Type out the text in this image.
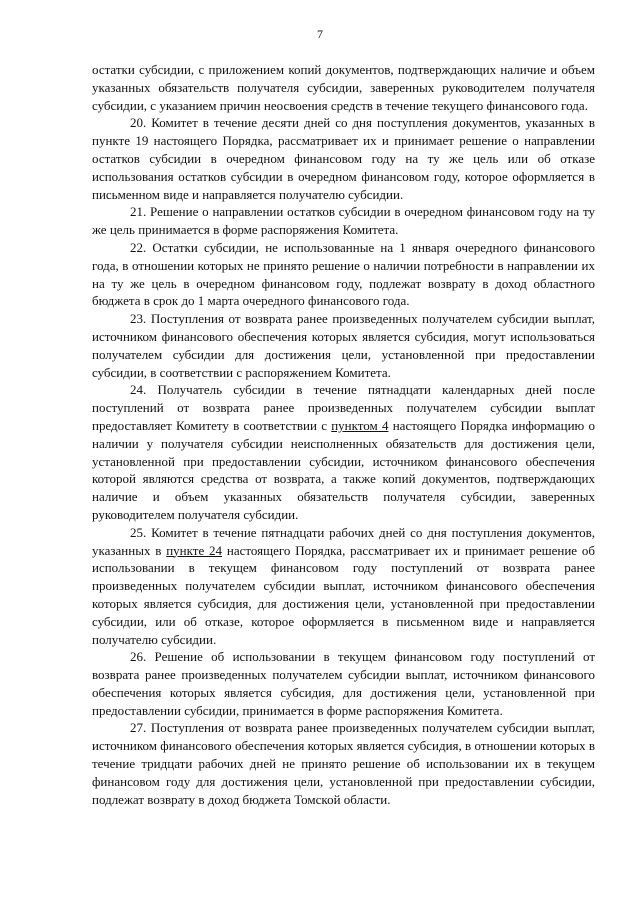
7

остатки субсидии, с приложением копий документов, подтверждающих наличие и объем указанных обязательств получателя субсидии, заверенных руководителем получателя субсидии, с указанием причин неосвоения средств в течение текущего финансового года.

20. Комитет в течение десяти дней со дня поступления документов, указанных в пункте 19 настоящего Порядка, рассматривает их и принимает решение о направлении остатков субсидии в очередном финансовом году на ту же цель или об отказе использования остатков субсидии в очередном финансовом году, которое оформляется в письменном виде и направляется получателю субсидии.

21. Решение о направлении остатков субсидии в очередном финансовом году на ту же цель принимается в форме распоряжения Комитета.

22. Остатки субсидии, не использованные на 1 января очередного финансового года, в отношении которых не принято решение о наличии потребности в направлении их на ту же цель в очередном финансовом году, подлежат возврату в доход областного бюджета в срок до 1 марта очередного финансового года.

23. Поступления от возврата ранее произведенных получателем субсидии выплат, источником финансового обеспечения которых является субсидия, могут использоваться получателем субсидии для достижения цели, установленной при предоставлении субсидии, в соответствии с распоряжением Комитета.

24. Получатель субсидии в течение пятнадцати календарных дней после поступлений от возврата ранее произведенных получателем субсидии выплат предоставляет Комитету в соответствии с пунктом 4 настоящего Порядка информацию о наличии у получателя субсидии неисполненных обязательств для достижения цели, установленной при предоставлении субсидии, источником финансового обеспечения которой являются средства от возврата, а также копий документов, подтверждающих наличие и объем указанных обязательств получателя субсидии, заверенных руководителем получателя субсидии.

25. Комитет в течение пятнадцати рабочих дней со дня поступления документов, указанных в пункте 24 настоящего Порядка, рассматривает их и принимает решение об использовании в текущем финансовом году поступлений от возврата ранее произведенных получателем субсидии выплат, источником финансового обеспечения которых является субсидия, для достижения цели, установленной при предоставлении субсидии, или об отказе, которое оформляется в письменном виде и направляется получателю субсидии.

26. Решение об использовании в текущем финансовом году поступлений от возврата ранее произведенных получателем субсидии выплат, источником финансового обеспечения которых является субсидия, для достижения цели, установленной при предоставлении субсидии, принимается в форме распоряжения Комитета.

27. Поступления от возврата ранее произведенных получателем субсидии выплат, источником финансового обеспечения которых является субсидия, в отношении которых в течение тридцати рабочих дней не принято решение об использовании их в текущем финансовом году для достижения цели, установленной при предоставлении субсидии, подлежат возврату в доход бюджета Томской области.
